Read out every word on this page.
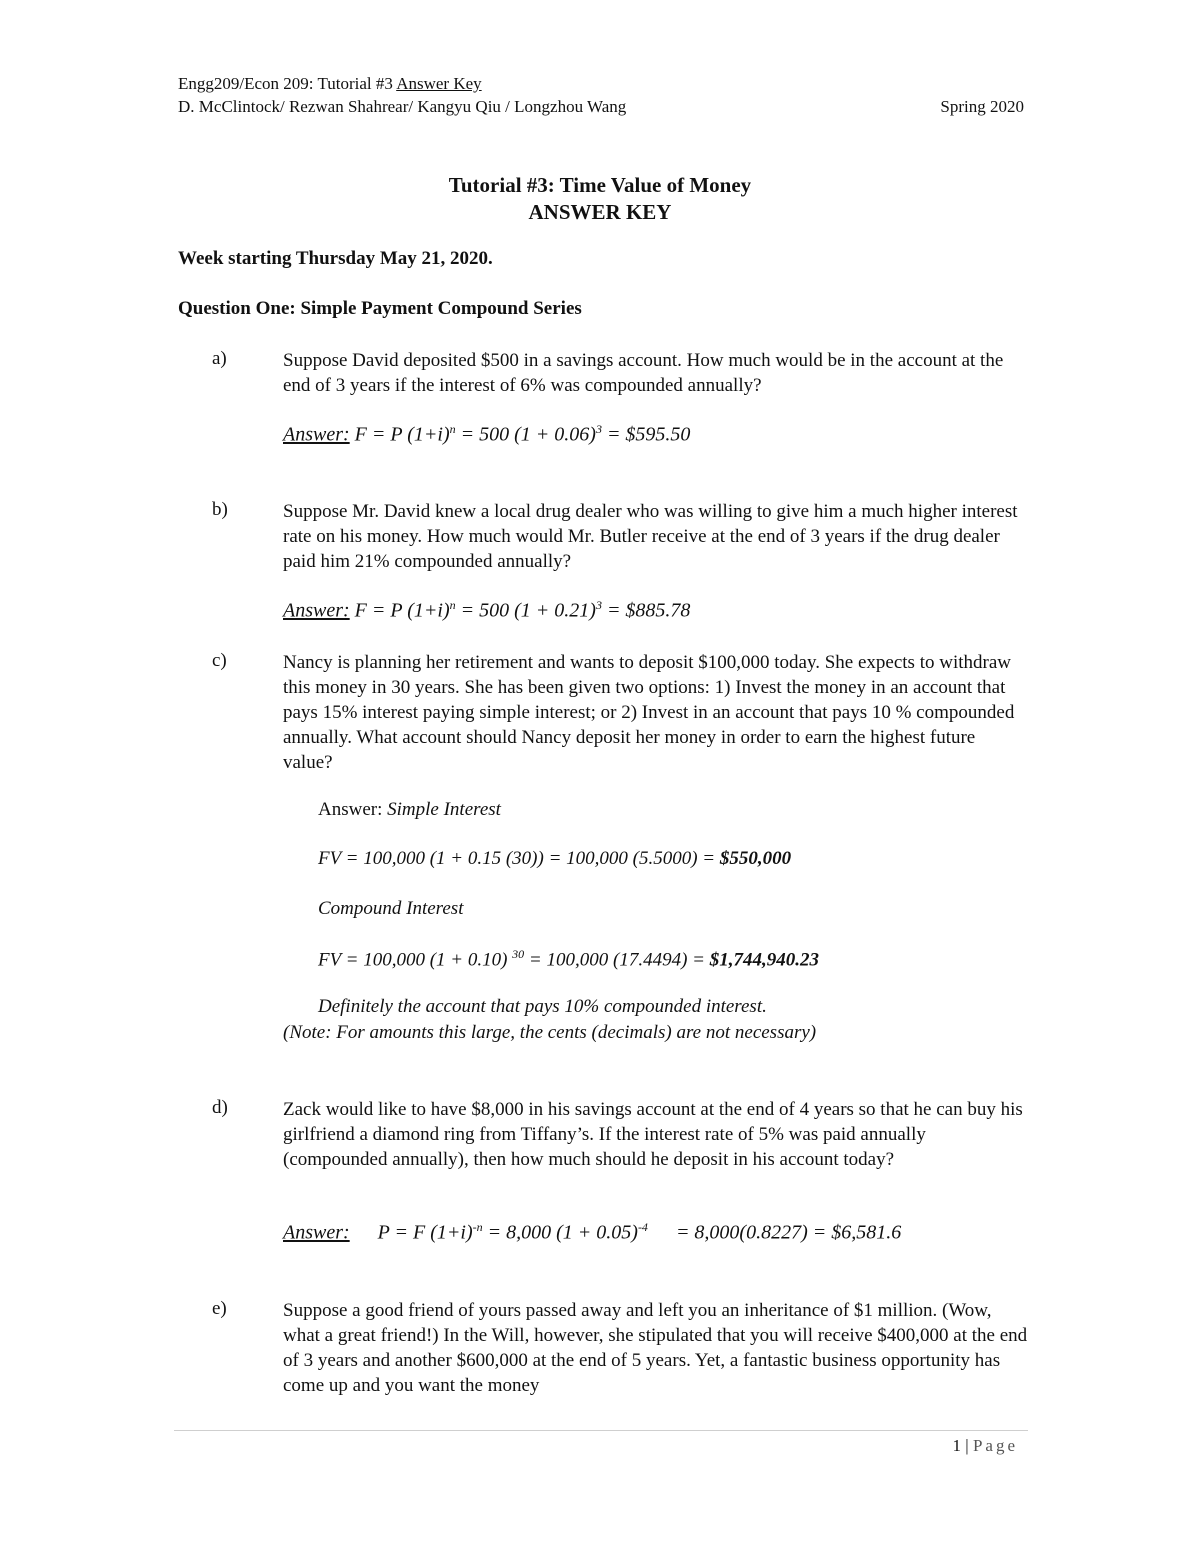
Engg209/Econ 209: Tutorial #3 Answer Key
D. McClintock/ Rezwan Shahrear/ Kangyu Qiu / Longzhou Wang	Spring 2020
Tutorial #3: Time Value of Money
ANSWER KEY
Week starting Thursday May 21, 2020.
Question One: Simple Payment Compound Series
a)	Suppose David deposited $500 in a savings account. How much would be in the account at the end of 3 years if the interest of 6% was compounded annually?
Answer: F = P $(1+i)^n = 500$ $(1 + 0.06)^3$ = $595.50
b)	Suppose Mr. David knew a local drug dealer who was willing to give him a much higher interest rate on his money. How much would Mr. Butler receive at the end of 3 years if the drug dealer paid him 21% compounded annually?
Answer: F = P $(1+i)^n = 500$ $(1 + 0.21)^3$ = $885.78
c)	Nancy is planning her retirement and wants to deposit $100,000 today. She expects to withdraw this money in 30 years. She has been given two options: 1) Invest the money in an account that pays 15% interest paying simple interest; or 2) Invest in an account that pays 10 % compounded annually. What account should Nancy deposit her money in order to earn the highest future value?
Answer: Simple Interest
FV = 100,000 (1 + 0.15 (30)) = 100,000 (5.5000) = $550,000
Compound Interest
FV = 100,000 (1 + 0.10) $^{30}$ = 100,000 (17.4494) = $1,744,940.23
Definitely the account that pays 10% compounded interest.
(Note: For amounts this large, the cents (decimals) are not necessary)
d)	Zack would like to have $8,000 in his savings account at the end of 4 years so that he can buy his girlfriend a diamond ring from Tiffany’s. If the interest rate of 5% was paid annually (compounded annually), then how much should he deposit in his account today?
Answer: P = F $(1+i)^{-n} = 8,000$ $(1 + 0.05)^{-4} = 8,000(0.8227)$ = $6,581.6
e)	Suppose a good friend of yours passed away and left you an inheritance of $1 million. (Wow, what a great friend!) In the Will, however, she stipulated that you will receive $400,000 at the end of 3 years and another $600,000 at the end of 5 years. Yet, a fantastic business opportunity has come up and you want the money
1 | Page
